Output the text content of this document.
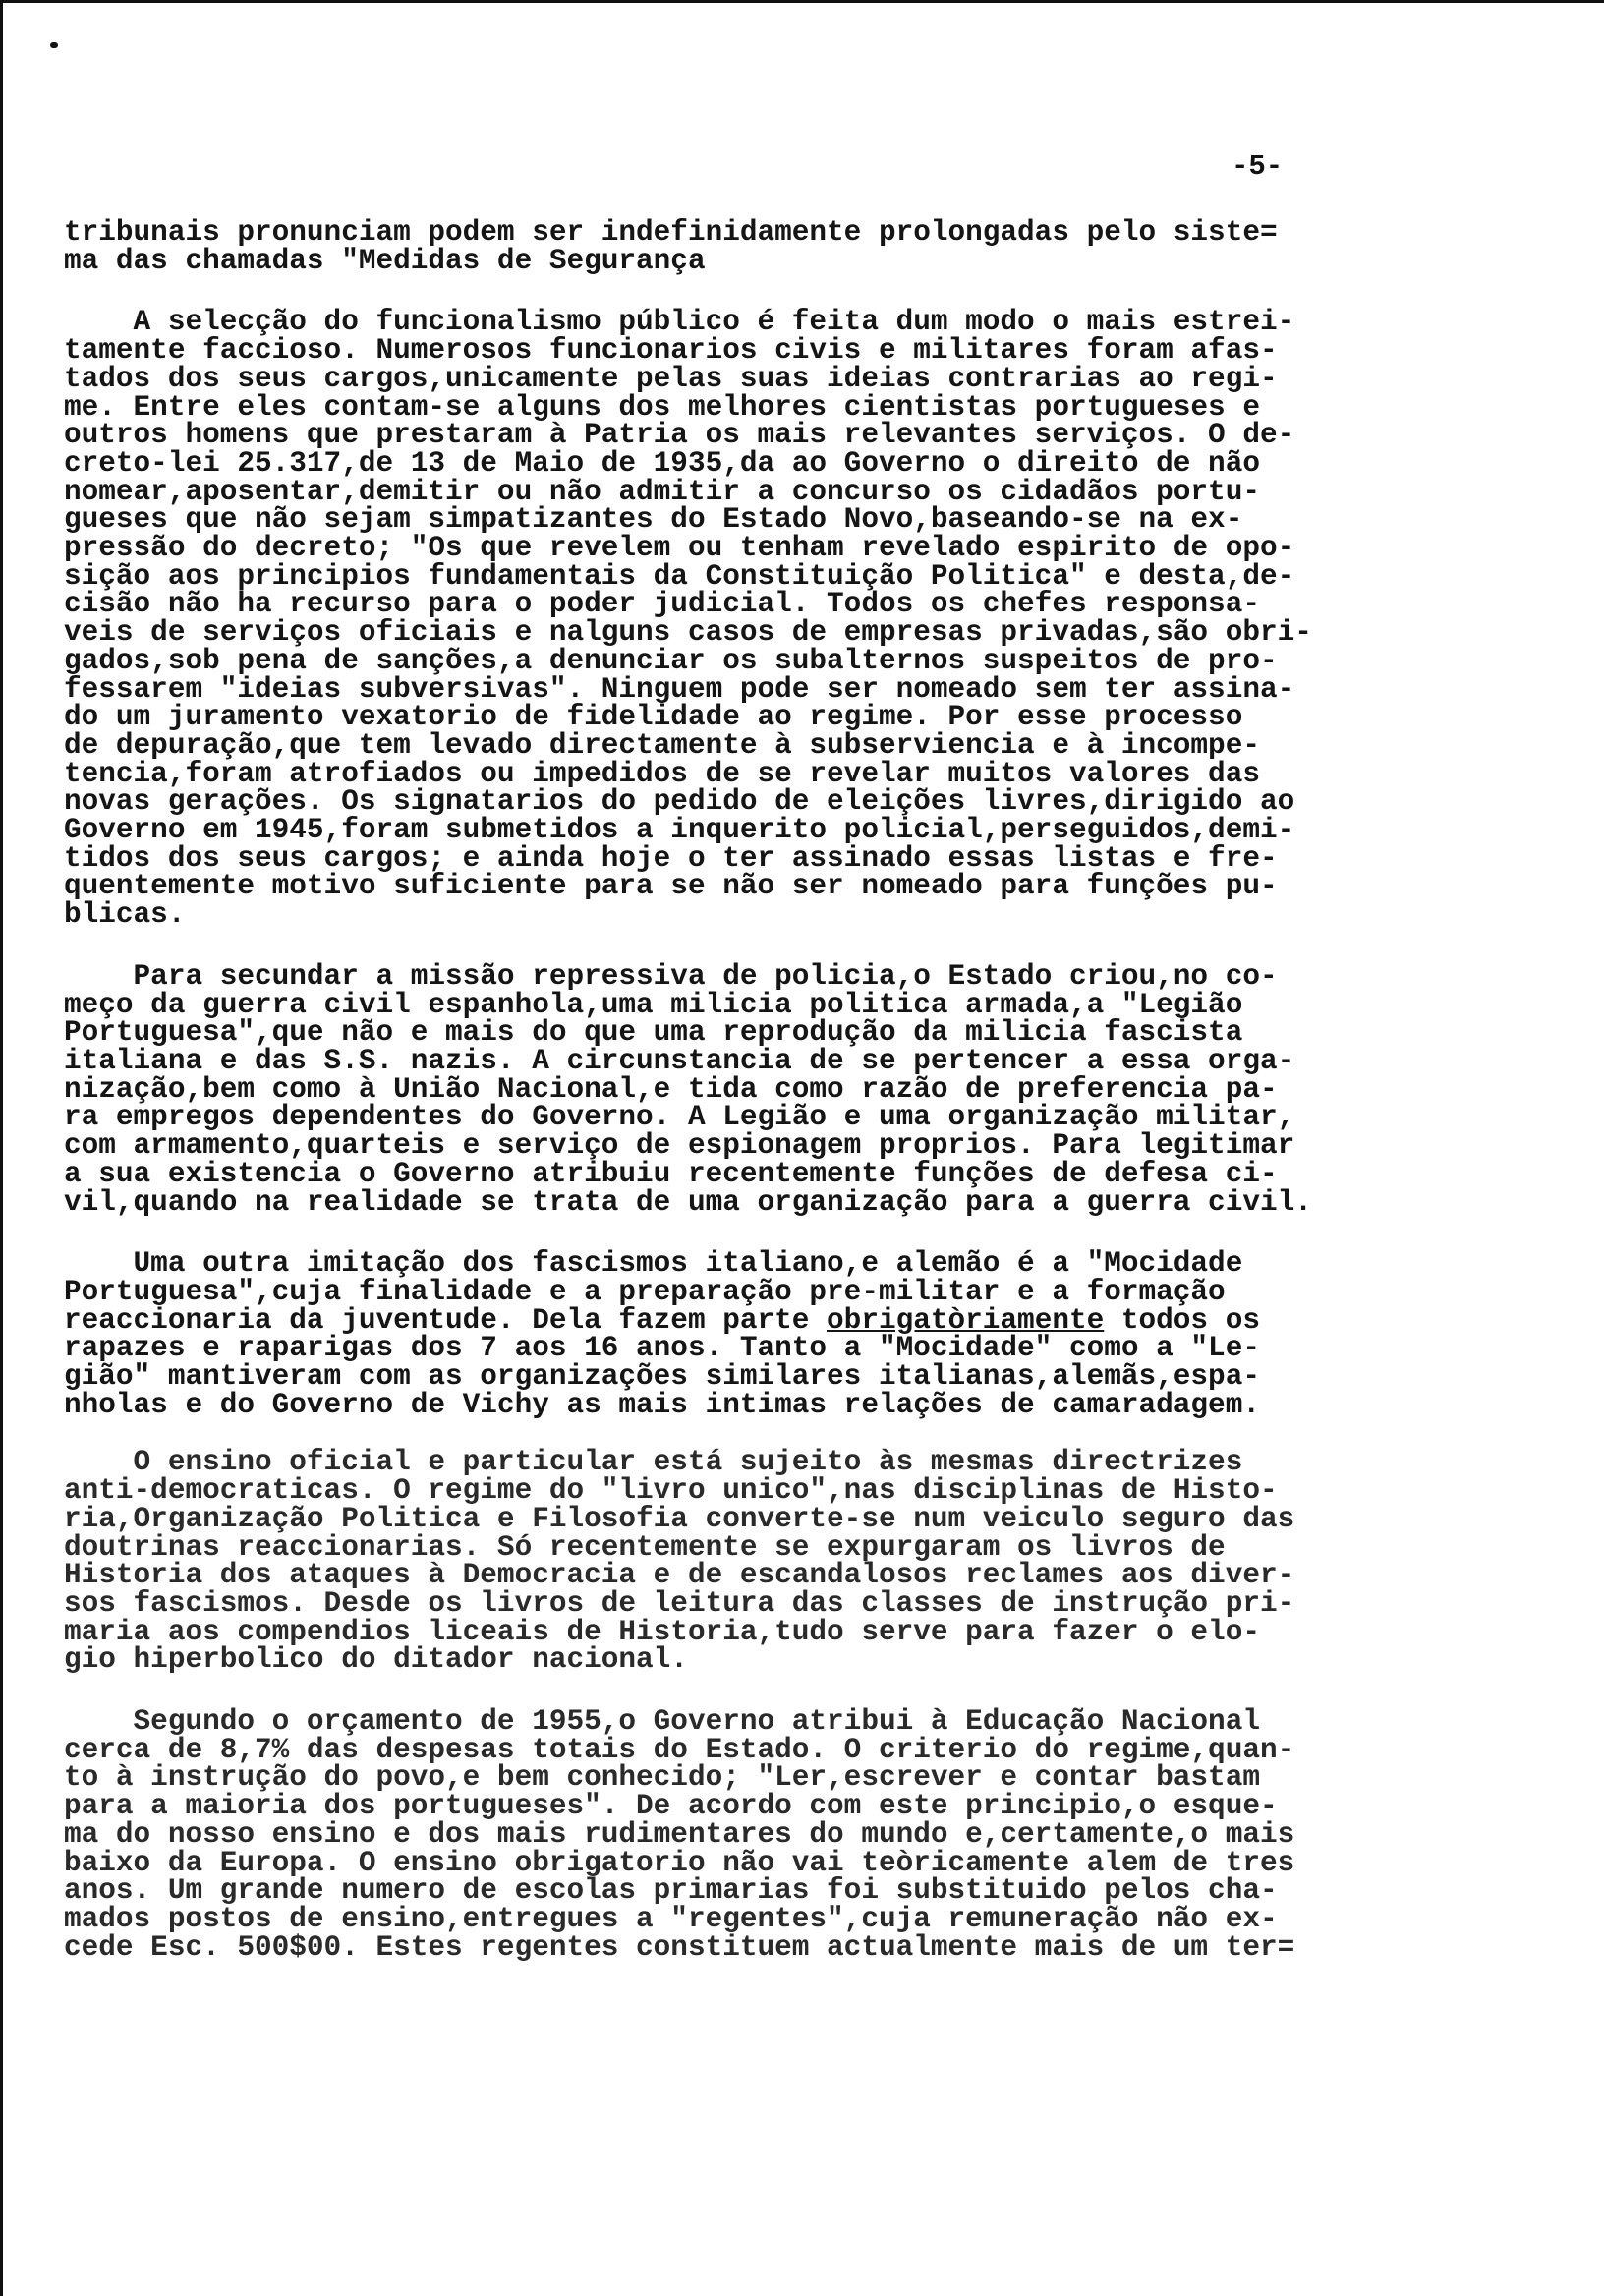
-5-
tribunais pronunciam podem ser indefinidamente prolongadas pelo siste=
ma das chamadas "Medidas de Segurança
A selecção do funcionalismo público é feita dum modo o mais estrei-
tamente faccioso. Numerosos funcionarios civis e militares foram afas-
tados dos seus cargos,unicamente pelas suas ideias contrarias ao regi-
me. Entre eles contam-se alguns dos melhores cientistas portugueses e
outros homens que prestaram à Patria os mais relevantes serviços. O de-
creto-lei 25.317,de 13 de Maio de 1935,da ao Governo o direito de não
nomear,aposentar,demitir ou não admitir a concurso os cidadãos portu-
gueses que não sejam simpatizantes do Estado Novo,baseando-se na ex-
pressão do decreto; "Os que revelem ou tenham revelado espirito de opo-
sição aos principios fundamentais da Constituição Politica" e desta,de-
cisão não ha recurso para o poder judicial. Todos os chefes responsa-
veis de serviços oficiais e nalguns casos de empresas privadas,são obri-
gados,sob pena de sanções,a denunciar os subalternos suspeitos de pro-
fessarem "ideias subversivas". Ninguem pode ser nomeado sem ter assina-
do um juramento vexatorio de fidelidade ao regime. Por esse processo
de depuração,que tem levado directamente à subserviencia e à incompe-
tencia,foram atrofiados ou impedidos de se revelar muitos valores das
novas gerações. Os signatarios do pedido de eleições livres,dirigido ao
Governo em 1945,foram submetidos a inquerito policial,perseguidos,demi-
tidos dos seus cargos; e ainda hoje o ter assinado essas listas e fre-
quentemente motivo suficiente para se não ser nomeado para funções pu-
blicas.
Para secundar a missão repressiva de policia,o Estado criou,no co-
meço da guerra civil espanhola,uma milicia politica armada,a "Legião
Portuguesa",que não e mais do que uma reprodução da milicia fascista
italiana e das S.S. nazis. A circunstancia de se pertencer a essa orga-
nização,bem como à União Nacional,e tida como razão de preferencia pa-
ra empregos dependentes do Governo. A Legião e uma organização militar,
com armamento,quarteis e serviço de espionagem proprios. Para legitimar
a sua existencia o Governo atribuiu recentemente funções de defesa ci-
vil,quando na realidade se trata de uma organização para a guerra civil.
Uma outra imitação dos fascismos italiano,e alemão é a "Mocidade
Portuguesa",cuja finalidade e a preparação pre-militar e a formação
reaccionaria da juventude. Dela fazem parte obrigatòriamente todos os
rapazes e raparigas dos 7 aos 16 anos. Tanto a "Mocidade" como a "Le-
gião" mantiveram com as organizações similares italianas,alemãs,espa-
nholas e do Governo de Vichy as mais intimas relações de camaradagem.
O ensino oficial e particular está sujeito às mesmas directrizes
anti-democraticas. O regime do "livro unico",nas disciplinas de Histo-
ria,Organização Politica e Filosofia converte-se num veiculo seguro das
doutrinas reaccionarias. Só recentemente se expurgaram os livros de
Historia dos ataques à Democracia e de escandalosos reclames aos diver-
sos fascismos. Desde os livros de leitura das classes de instrução pri-
maria aos compendios liceais de Historia,tudo serve para fazer o elo-
gio hiperbolico do ditador nacional.
Segundo o orçamento de 1955,o Governo atribui à Educação Nacional
cerca de 8,7% das despesas totais do Estado. O criterio do regime,quan-
to à instrução do povo,e bem conhecido; "Ler,escrever e contar bastam
para a maioria dos portugueses". De acordo com este principio,o esque-
ma do nosso ensino e dos mais rudimentares do mundo e,certamente,o mais
baixo da Europa. O ensino obrigatorio não vai teòricamente alem de tres
anos. Um grande numero de escolas primarias foi substituido pelos cha-
mados postos de ensino,entregues a "regentes",cuja remuneração não ex-
cede Esc. 500$00. Estes regentes constituem actualmente mais de um ter=
